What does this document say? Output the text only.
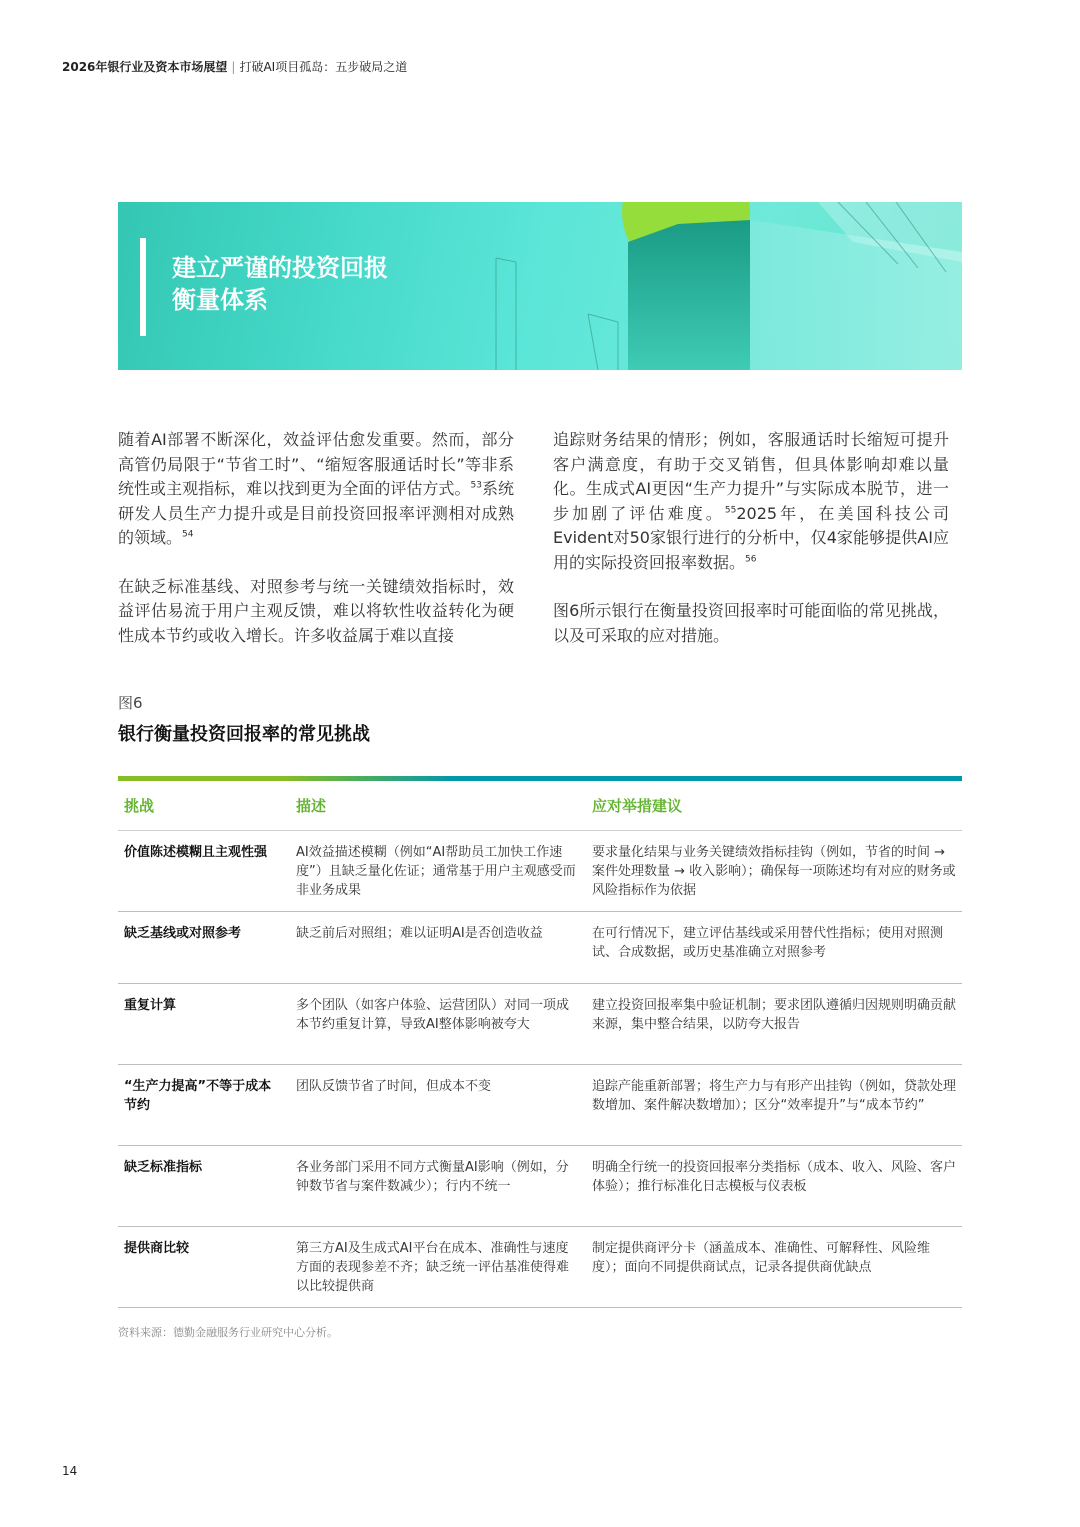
2026年银行业及资本市场展望 | 打破AI项目孤岛：五步破局之道
建立严谨的投资回报
衡量体系

随着AI部署不断深化，效益评估愈发重要。然而，部分高管仍局限于“节省工时”、“缩短客服通话时长”等非系统性或主观指标，难以找到更为全面的评估方式。$^{53}$系统研发人员生产力提升或是目前投资回报率评测相对成熟的领域。$^{54}$

在缺乏标准基线、对照参考与统一关键绩效指标时，效益评估易流于用户主观反馈，难以将软性收益转化为硬性成本节约或收入增长。许多收益属于难以直接

追踪财务结果的情形；例如，客服通话时长缩短可提升客户满意度，有助于交叉销售，但具体影响却难以量化。生成式AI更因“生产力提升”与实际成本脱节，进一步加剧了评估难度。$^{55}$2025年，在美国科技公司Evident对50家银行进行的分析中，仅4家能够提供AI应用的实际投资回报率数据。$^{56}$

图6所示银行在衡量投资回报率时可能面临的常见挑战，以及可采取的应对措施。

图6
银行衡量投资回报率的常见挑战
挑战	描述	应对举措建议
价值陈述模糊且主观性强	AI效益描述模糊（例如“AI帮助员工加快工作速度”）且缺乏量化佐证；通常基于用户主观感受而非业务成果	要求量化结果与业务关键绩效指标挂钩（例如，节省的时间 → 案件处理数量 → 收入影响）；确保每一项陈述均有对应的财务或风险指标作为依据
缺乏基线或对照参考	缺乏前后对照组；难以证明AI是否创造收益	在可行情况下，建立评估基线或采用替代性指标；使用对照测试、合成数据，或历史基准确立对照参考
重复计算	多个团队（如客户体验、运营团队）对同一项成本节约重复计算，导致AI整体影响被夸大	建立投资回报率集中验证机制；要求团队遵循归因规则明确贡献来源，集中整合结果，以防夸大报告
“生产力提高”不等于成本节约	团队反馈节省了时间，但成本不变	追踪产能重新部署；将生产力与有形产出挂钩（例如，贷款处理数增加、案件解决数增加）；区分“效率提升”与“成本节约”
缺乏标准指标	各业务部门采用不同方式衡量AI影响（例如，分钟数节省与案件数减少）；行内不统一	明确全行统一的投资回报率分类指标（成本、收入、风险、客户体验）；推行标准化日志模板与仪表板
提供商比较	第三方AI及生成式AI平台在成本、准确性与速度方面的表现参差不齐；缺乏统一评估基准使得难以比较提供商	制定提供商评分卡（涵盖成本、准确性、可解释性、风险维度）；面向不同提供商试点，记录各提供商优缺点
资料来源：德勤金融服务行业研究中心分析。
14
